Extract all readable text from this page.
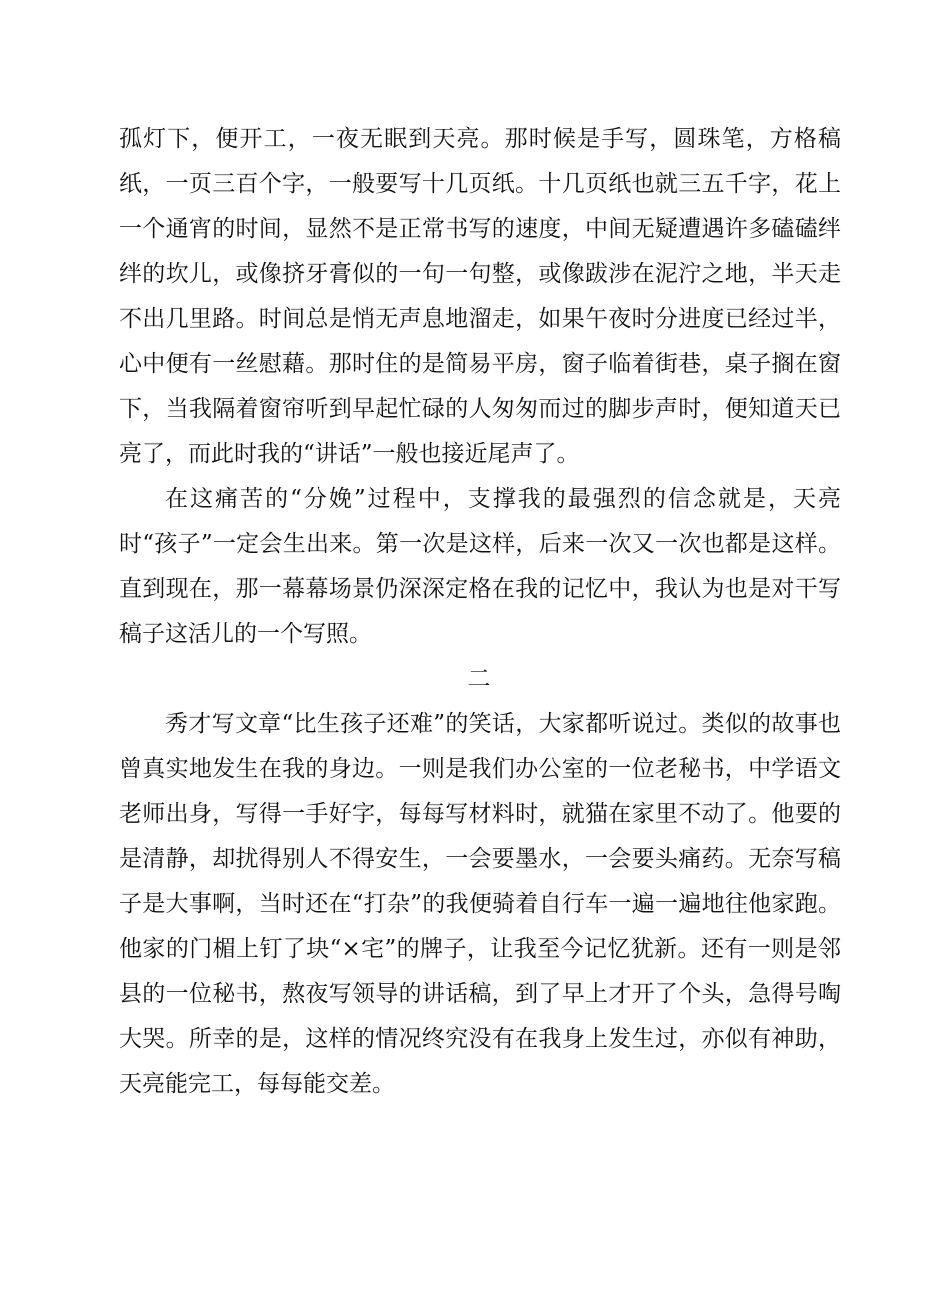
孤灯下，便开工，一夜无眠到天亮。那时候是手写，圆珠笔，方格稿纸，一页三百个字，一般要写十几页纸。十几页纸也就三五千字，花上一个通宵的时间，显然不是正常书写的速度，中间无疑遭遇许多磕磕绊绊的坎儿，或像挤牙膏似的一句一句整，或像跋涉在泥泞之地，半天走不出几里路。时间总是悄无声息地溜走，如果午夜时分进度已经过半，心中便有一丝慰藉。那时住的是简易平房，窗子临着街巷，桌子搁在窗下，当我隔着窗帘听到早起忙碌的人匆匆而过的脚步声时，便知道天已亮了，而此时我的“讲话”一般也接近尾声了。

在这痛苦的“分娩”过程中，支撑我的最强烈的信念就是，天亮时“孩子”一定会生出来。第一次是这样，后来一次又一次也都是这样。直到现在，那一幕幕场景仍深深定格在我的记忆中，我认为也是对干写稿子这活儿的一个写照。

二

秀才写文章“比生孩子还难”的笑话，大家都听说过。类似的故事也曾真实地发生在我的身边。一则是我们办公室的一位老秘书，中学语文老师出身，写得一手好字，每每写材料时，就猫在家里不动了。他要的是清静，却扰得别人不得安生，一会要墨水，一会要头痛药。无奈写稿子是大事啊，当时还在“打杂”的我便骑着自行车一遍一遍地往他家跑。他家的门楣上钉了块“×宅”的牌子，让我至今记忆犹新。还有一则是邻县的一位秘书，熬夜写领导的讲话稿，到了早上才开了个头，急得号啕大哭。所幸的是，这样的情况终究没有在我身上发生过，亦似有神助，天亮能完工，每每能交差。
